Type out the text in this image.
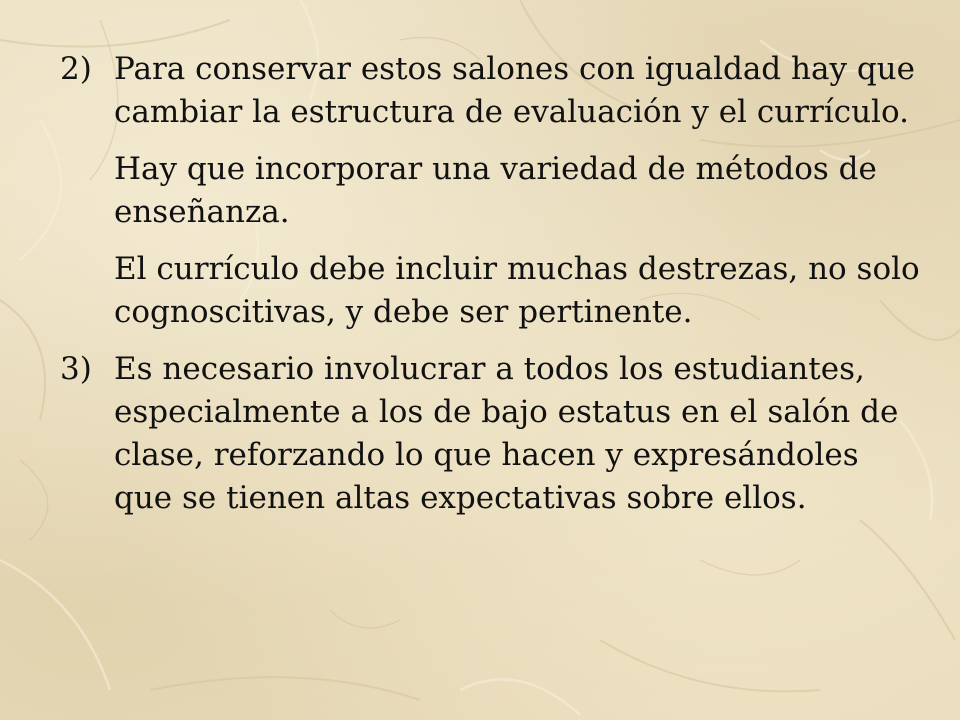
2) Para conservar estos salones con igualdad hay que cambiar la estructura de evaluación y el currículo.
Hay que incorporar una variedad de métodos de enseñanza.
El currículo debe incluir muchas destrezas, no solo cognoscitivas, y debe ser pertinente.
3) Es necesario involucrar a todos los estudiantes, especialmente a los de bajo estatus en el salón de clase, reforzando lo que hacen y expresándoles que se tienen altas expectativas sobre ellos.
